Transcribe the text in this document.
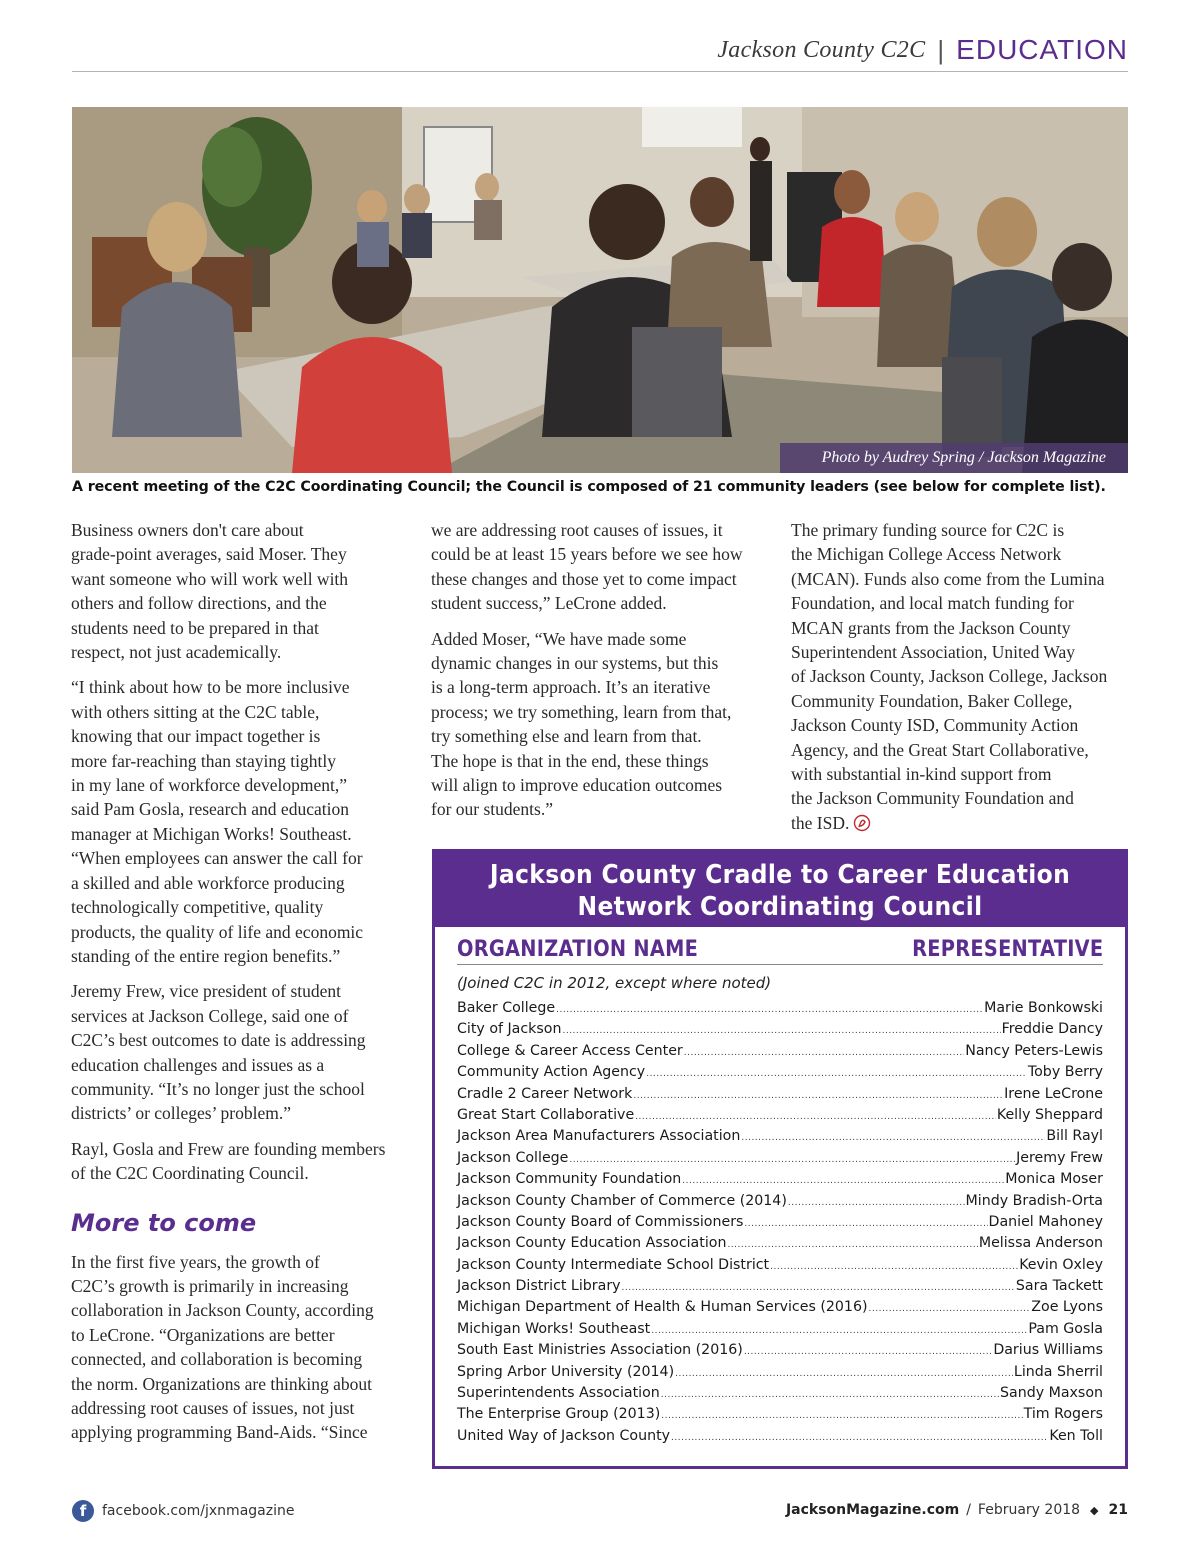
Jackson County C2C | EDUCATION
Photo by Audrey Spring / Jackson Magazine
A recent meeting of the C2C Coordinating Council; the Council is composed of 21 community leaders (see below for complete list).

Business owners don't care about
grade-point averages, said Moser. They
want someone who will work well with
others and follow directions, and the
students need to be prepared in that
respect, not just academically.

“I think about how to be more inclusive
with others sitting at the C2C table,
knowing that our impact together is
more far-reaching than staying tightly
in my lane of workforce development,”
said Pam Gosla, research and education
manager at Michigan Works! Southeast.
“When employees can answer the call for
a skilled and able workforce producing
technologically competitive, quality
products, the quality of life and economic
standing of the entire region benefits.”

Jeremy Frew, vice president of student
services at Jackson College, said one of
C2C’s best outcomes to date is addressing
education challenges and issues as a
community. “It’s no longer just the school
districts’ or colleges’ problem.”

Rayl, Gosla and Frew are founding members
of the C2C Coordinating Council.

More to come

In the first five years, the growth of
C2C’s growth is primarily in increasing
collaboration in Jackson County, according
to LeCrone. “Organizations are better
connected, and collaboration is becoming
the norm. Organizations are thinking about
addressing root causes of issues, not just
applying programming Band-Aids. “Since

we are addressing root causes of issues, it
could be at least 15 years before we see how
these changes and those yet to come impact
student success,” LeCrone added.

Added Moser, “We have made some
dynamic changes in our systems, but this
is a long-term approach. It’s an iterative
process; we try something, learn from that,
try something else and learn from that.
The hope is that in the end, these things
will align to improve education outcomes
for our students.”

The primary funding source for C2C is
the Michigan College Access Network
(MCAN). Funds also come from the Lumina
Foundation, and local match funding for
MCAN grants from the Jackson County
Superintendent Association, United Way
of Jackson County, Jackson College, Jackson
Community Foundation, Baker College,
Jackson County ISD, Community Action
Agency, and the Great Start Collaborative,
with substantial in-kind support from
the Jackson Community Foundation and
the ISD.

Jackson County Cradle to Career Education
Network Coordinating Council
ORGANIZATION NAME	REPRESENTATIVE
(Joined C2C in 2012, except where noted)
Baker College .....	Marie Bonkowski
City of Jackson .....	Freddie Dancy
College & Career Access Center .....	Nancy Peters-Lewis
Community Action Agency .....	Toby Berry
Cradle 2 Career Network .....	Irene LeCrone
Great Start Collaborative .....	Kelly Sheppard
Jackson Area Manufacturers Association .....	Bill Rayl
Jackson College .....	Jeremy Frew
Jackson Community Foundation .....	Monica Moser
Jackson County Chamber of Commerce (2014) .....	Mindy Bradish-Orta
Jackson County Board of Commissioners .....	Daniel Mahoney
Jackson County Education Association .....	Melissa Anderson
Jackson County Intermediate School District .....	Kevin Oxley
Jackson District Library .....	Sara Tackett
Michigan Department of Health & Human Services (2016) .....	Zoe Lyons
Michigan Works! Southeast .....	Pam Gosla
South East Ministries Association (2016) .....	Darius Williams
Spring Arbor University (2014) .....	Linda Sherril
Superintendents Association .....	Sandy Maxson
The Enterprise Group (2013) .....	Tim Rogers
United Way of Jackson County .....	Ken Toll
f	facebook.com/jxnmagazine	JacksonMagazine.com / February 2018 ◆ 21
